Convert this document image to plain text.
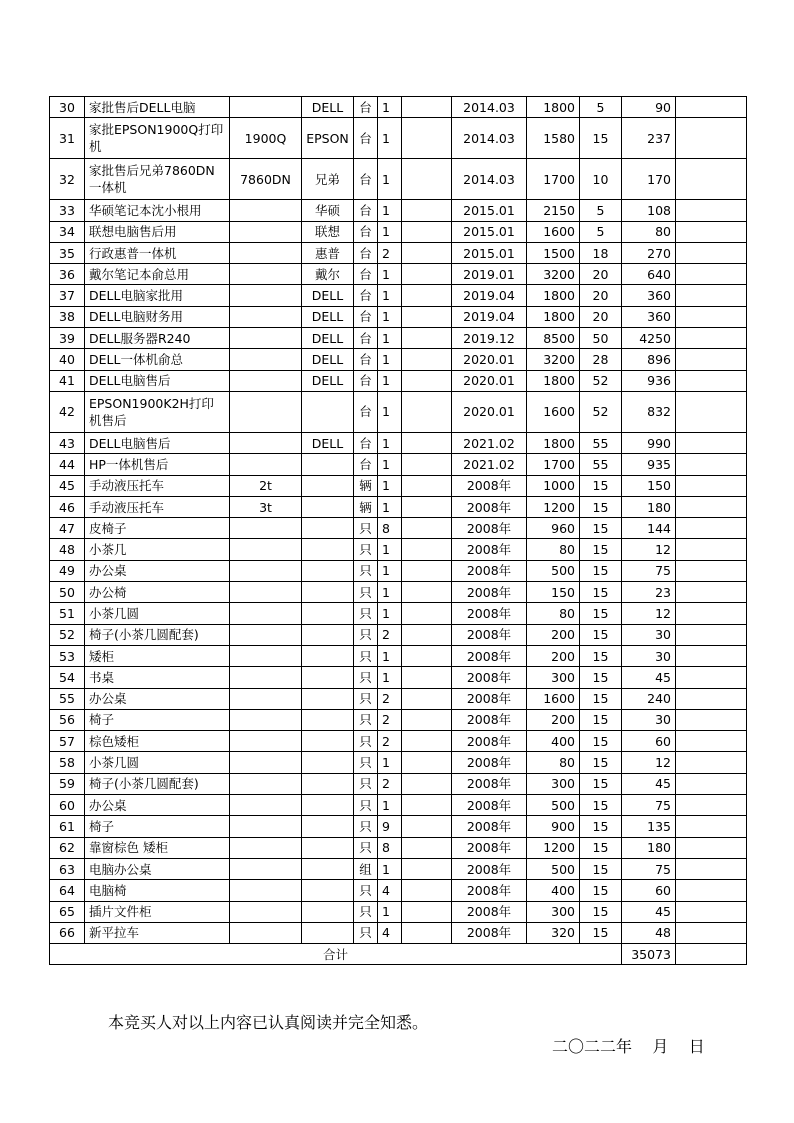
30	家批售后DELL电脑		DELL	台	1		2014.03	1800	5	90	
31	家批EPSON1900Q打印机	1900Q	EPSON	台	1		2014.03	1580	15	237	
32	家批售后兄弟7860DN一体机	7860DN	兄弟	台	1		2014.03	1700	10	170	
33	华硕笔记本沈小根用		华硕	台	1		2015.01	2150	5	108	
34	联想电脑售后用		联想	台	1		2015.01	1600	5	80	
35	行政惠普一体机		惠普	台	2		2015.01	1500	18	270	
36	戴尔笔记本俞总用		戴尔	台	1		2019.01	3200	20	640	
37	DELL电脑家批用		DELL	台	1		2019.04	1800	20	360	
38	DELL电脑财务用		DELL	台	1		2019.04	1800	20	360	
39	DELL服务器R240		DELL	台	1		2019.12	8500	50	4250	
40	DELL一体机俞总		DELL	台	1		2020.01	3200	28	896	
41	DELL电脑售后		DELL	台	1		2020.01	1800	52	936	
42	EPSON1900K2H打印机售后			台	1		2020.01	1600	52	832	
43	DELL电脑售后		DELL	台	1		2021.02	1800	55	990	
44	HP一体机售后			台	1		2021.02	1700	55	935	
45	手动液压托车	2t		辆	1		2008年	1000	15	150	
46	手动液压托车	3t		辆	1		2008年	1200	15	180	
47	皮椅子			只	8		2008年	960	15	144	
48	小茶几			只	1		2008年	80	15	12	
49	办公桌			只	1		2008年	500	15	75	
50	办公椅			只	1		2008年	150	15	23	
51	小茶几圆			只	1		2008年	80	15	12	
52	椅子(小茶几圆配套)			只	2		2008年	200	15	30	
53	矮柜			只	1		2008年	200	15	30	
54	书桌			只	1		2008年	300	15	45	
55	办公桌			只	2		2008年	1600	15	240	
56	椅子			只	2		2008年	200	15	30	
57	棕色矮柜			只	2		2008年	400	15	60	
58	小茶几圆			只	1		2008年	80	15	12	
59	椅子(小茶几圆配套)			只	2		2008年	300	15	45	
60	办公桌			只	1		2008年	500	15	75	
61	椅子			只	9		2008年	900	15	135	
62	靠窗棕色 矮柜			只	8		2008年	1200	15	180	
63	电脑办公桌			组	1		2008年	500	15	75	
64	电脑椅			只	4		2008年	400	15	60	
65	插片文件柜			只	1		2008年	300	15	45	
66	新平拉车			只	4		2008年	320	15	48	
合计										35073	
本竞买人对以上内容已认真阅读并完全知悉。
二〇二二年    月    日
